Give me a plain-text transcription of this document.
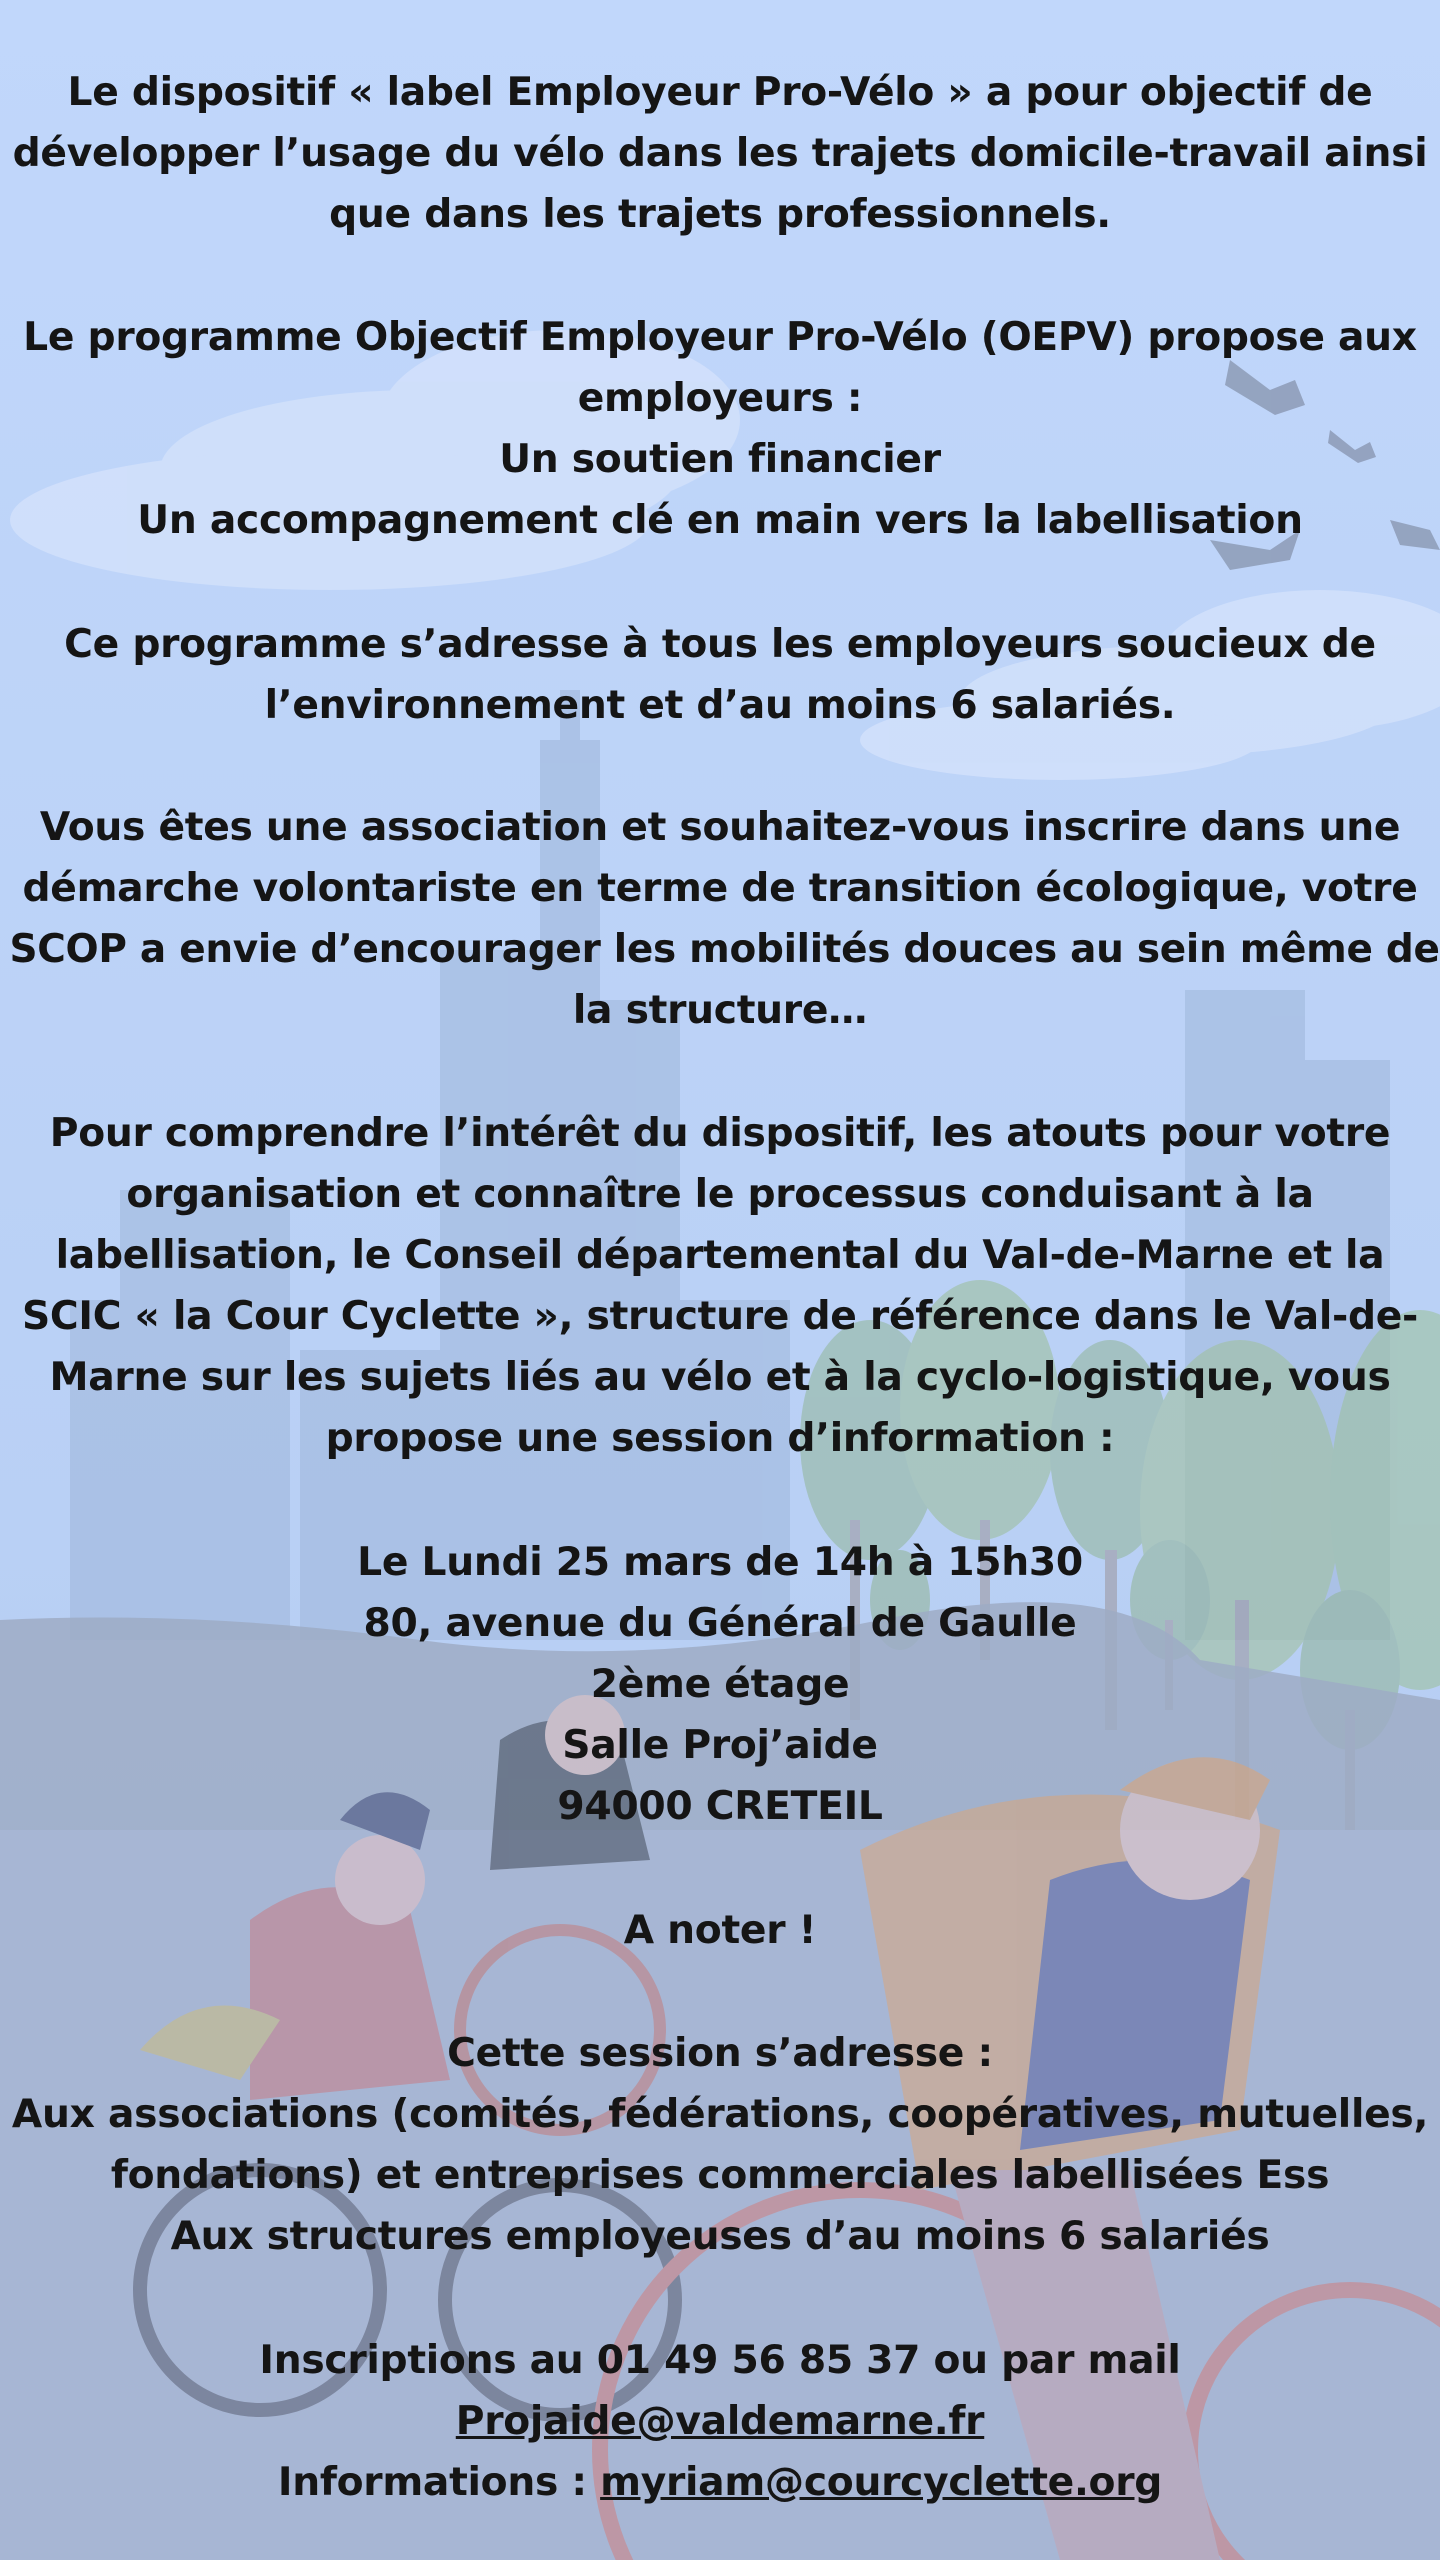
Le dispositif « label Employeur Pro-Vélo » a pour objectif de
développer l’usage du vélo dans les trajets domicile-travail ainsi
que dans les trajets professionnels.
Le programme Objectif Employeur Pro-Vélo (OEPV) propose aux
employeurs :
Un soutien financier
Un accompagnement clé en main vers la labellisation
Ce programme s’adresse à tous les employeurs soucieux de
l’environnement et d’au moins 6 salariés.
Vous êtes une association et souhaitez-vous inscrire dans une
démarche volontariste en terme de transition écologique, votre
SCOP a envie d’encourager les mobilités douces au sein même de
la structure…
Pour comprendre l’intérêt du dispositif, les atouts pour votre
organisation et connaître le processus conduisant à la
labellisation, le Conseil départemental du Val-de-Marne et la
SCIC « la Cour Cyclette », structure de référence dans le Val-de-
Marne sur les sujets liés au vélo et à la cyclo-logistique, vous
propose une session d’information :
Le Lundi 25 mars de 14h à 15h30
80, avenue du Général de Gaulle
2ème étage
Salle Proj’aide
94000 CRETEIL
A noter !
Cette session s’adresse :
Aux associations (comités, fédérations, coopératives, mutuelles,
fondations) et entreprises commerciales labellisées Ess
Aux structures employeuses d’au moins 6 salariés
Inscriptions au 01 49 56 85 37 ou par mail
Projaide@valdemarne.fr
Informations : myriam@courcyclette.org
